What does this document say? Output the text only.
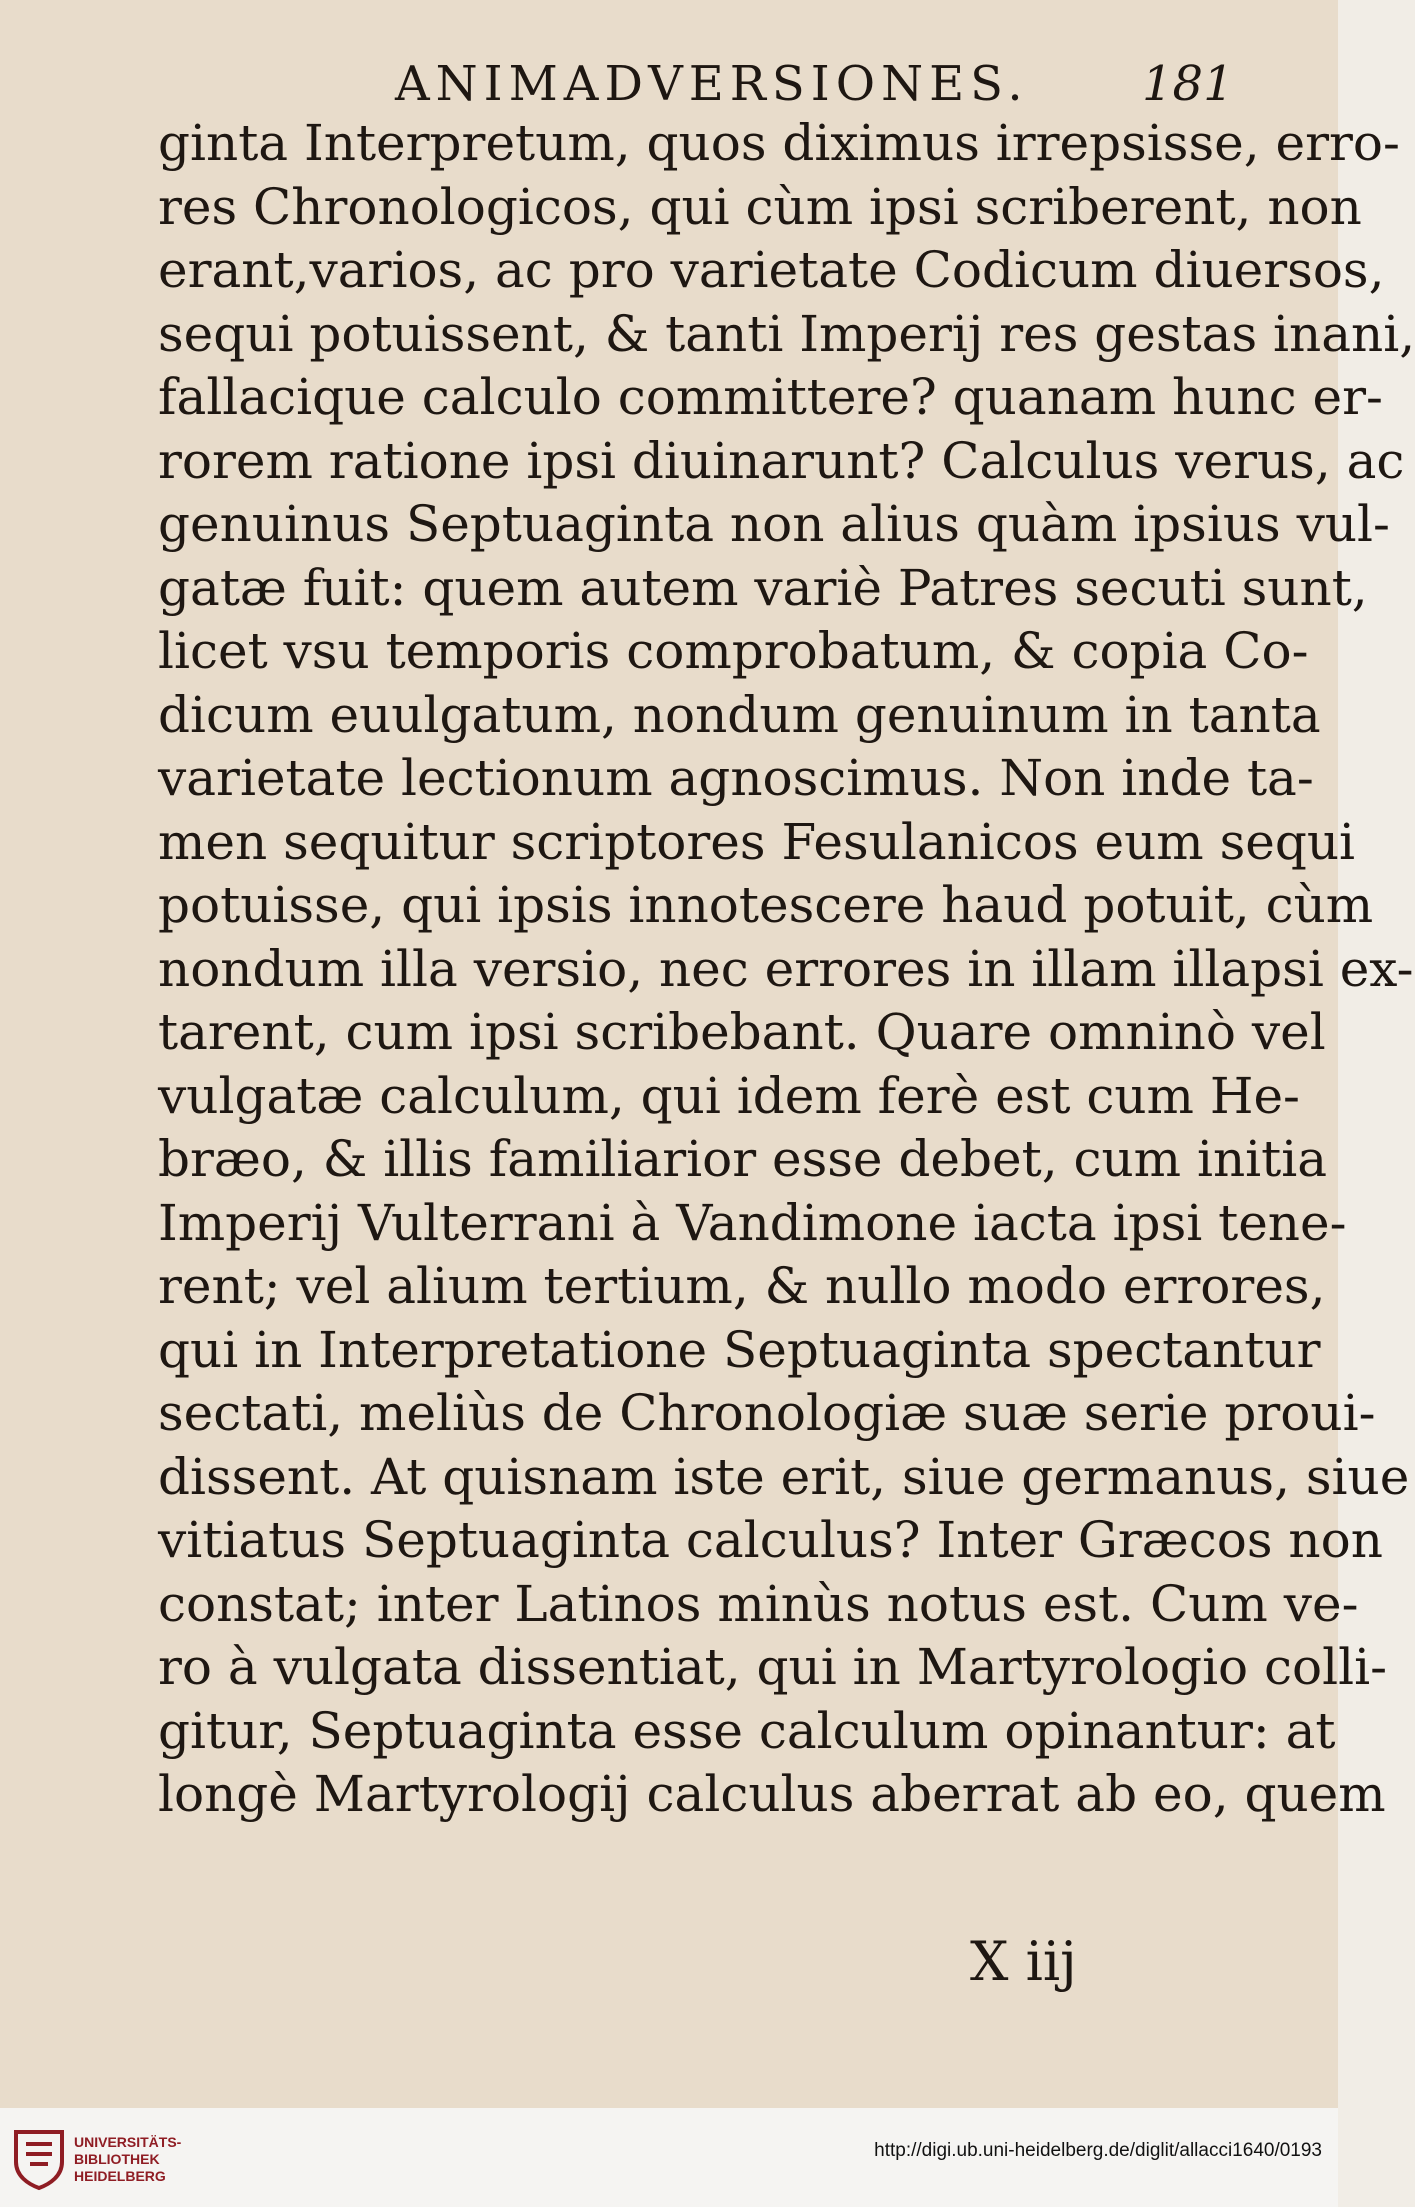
ANIMADVERSIONES. 181
ginta Interpretum, quos diximus irrepsisse, erro-
res Chronologicos, qui cùm ipsi scriberent, non
erant,varios, ac pro varietate Codicum diuersos,
sequi potuissent, & tanti Imperij res gestas inani,
fallacique calculo committere? quanam hunc er-
rorem ratione ipsi diuinarunt? Calculus verus, ac
genuinus Septuaginta non alius quàm ipsius vul-
gatæ fuit: quem autem variè Patres secuti sunt,
licet vsu temporis comprobatum, & copia Co-
dicum euulgatum, nondum genuinum in tanta
varietate lectionum agnoscimus. Non inde ta-
men sequitur scriptores Fesulanicos eum sequi
potuisse, qui ipsis innotescere haud potuit, cùm
nondum illa versio, nec errores in illam illapsi ex-
tarent, cum ipsi scribebant. Quare omninò vel
vulgatæ calculum, qui idem ferè est cum He-
bræo, & illis familiarior esse debet, cum initia
Imperij Vulterrani à Vandimone iacta ipsi tene-
rent; vel alium tertium, & nullo modo errores,
qui in Interpretatione Septuaginta spectantur
sectati, meliùs de Chronologiæ suæ serie proui-
dissent. At quisnam iste erit, siue germanus, siue
vitiatus Septuaginta calculus? Inter Græcos non
constat; inter Latinos minùs notus est. Cum ve-
ro à vulgata dissentiat, qui in Martyrologio colli-
gitur, Septuaginta esse calculum opinantur: at
longè Martyrologij calculus aberrat ab eo, quem
X iij
UNIVERSITÄTS-
BIBLIOTHEK
HEIDELBERG
http://digi.ub.uni-heidelberg.de/diglit/allacci1640/0193
